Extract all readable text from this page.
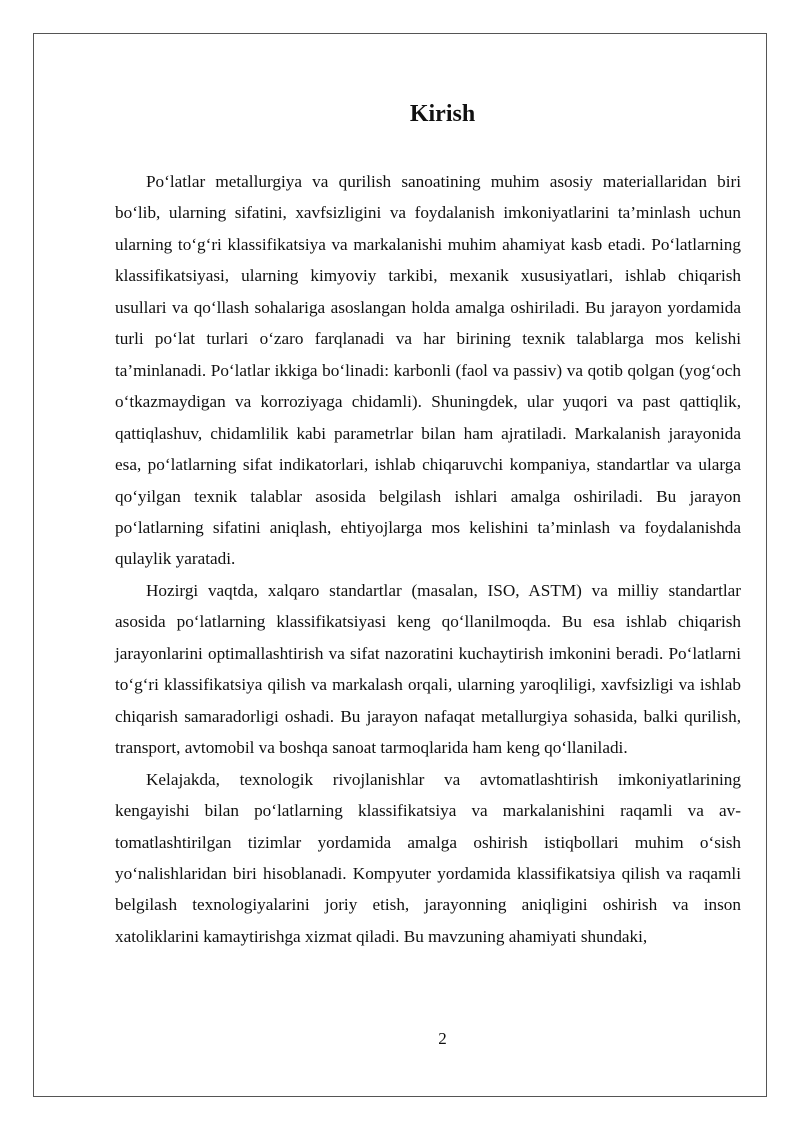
Kirish

Po‘latlar metallurgiya va qurilish sanoatining muhim asosiy materiallaridan biri bo‘lib, ularning sifatini, xavfsizligini va foydalanish imkoniyatlarini ta’minlash uchun ularning to‘g‘ri klassifikatsiya va markalanishi muhim ahamiyat kasb etadi. Po‘latlarning klassifikatsiyasi, ularning kimyoviy tarkibi, mexanik xususiyatlari, ishlab chiqarish usullari va qo‘llash sohalariga asoslangan holda amalga oshiriladi. Bu jarayon yordamida turli po‘lat turlari o‘zaro farqlanadi va har birining texnik talablarga mos kelishi ta’minlanadi. Po‘latlar ikkiga bo‘linadi: karbonli (faol va passiv) va qotib qolgan (yog‘och o‘tkazmaydigan va korroziyaga chidamli). Shuningdek, ular yuqori va past qattiqlik, qattiqlashuv, chidamlilik kabi parametrlar bilan ham ajratiladi. Markalanish jarayonida esa, po‘latlarning sifat indikatorlari, ishlab chiqaruvchi kompaniya, standartlar va ularga qo‘yilgan texnik talablar asosida belgilash ishlari amalga oshiriladi. Bu jarayon po‘latlarning sifatini aniqlash, ehtiyojlarga mos kelishini ta’minlash va foydalanishda qulaylik yaratadi.

Hozirgi vaqtda, xalqaro standartlar (masalan, ISO, ASTM) va milliy standartlar asosida po‘latlarning klassifikatsiyasi keng qo‘llanilmoqda. Bu esa ishlab chiqarish jarayonlarini optimallashtirish va sifat nazoratini kuchaytirish imkonini beradi. Po‘latlarni to‘g‘ri klassifikatsiya qilish va markalash orqali, ularning yaroqliligi, xavfsizligi va ishlab chiqarish samaradorligi oshadi. Bu jarayon nafaqat metallurgiya sohasida, balki qurilish, transport, avtomobil va boshqa sanoat tarmoqlarida ham keng qo‘llaniladi.

Kelajakda, texnologik rivojlanishlar va avtomatlashtirish imkoniyatlarining kengayishi bilan po‘latlarning klassifikatsiya va markalanishini raqamli va avtomatlashtirilgan tizimlar yordamida amalga oshirish istiqbollari muhim o‘sish yo‘nalishlaridan biri hisoblanadi. Kompyuter yordamida klassifikatsiya qilish va raqamli belgilash texnologiyalarini joriy etish, jarayonning aniqligini oshirish va inson xatoliklarini kamaytirishga xizmat qiladi. Bu mavzuning ahamiyati shundaki,

2
